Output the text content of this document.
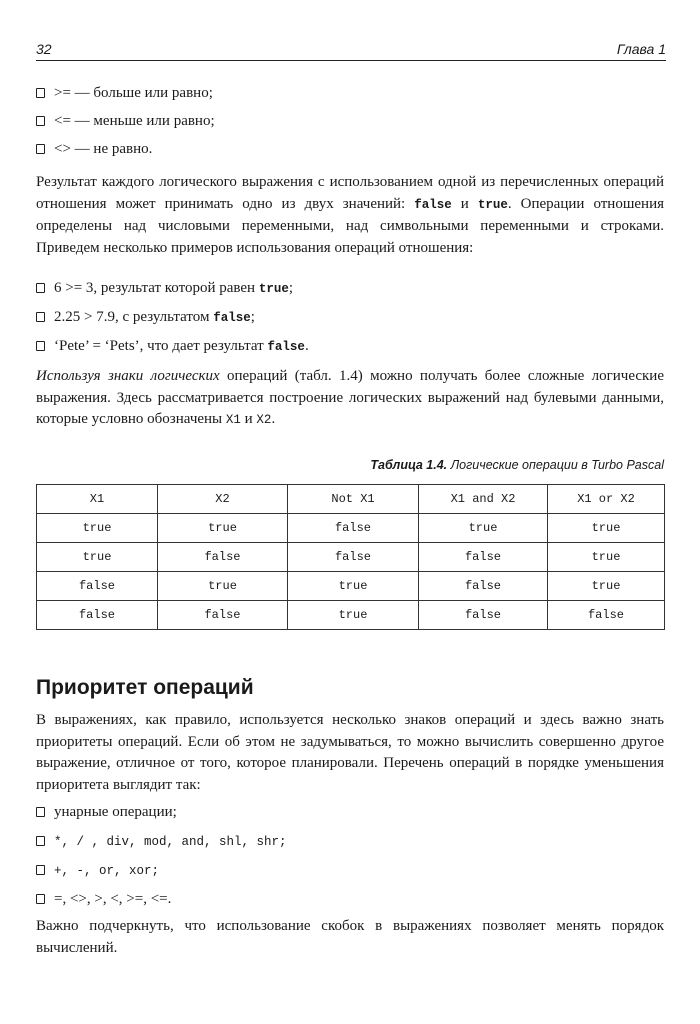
32	Глава 1
>= — больше или равно;
<= — меньше или равно;
<> — не равно.
Результат каждого логического выражения с использованием одной из перечисленных операций отношения может принимать одно из двух значений: false и true. Операции отношения определены над числовыми переменными, над символьными переменными и строками. Приведем несколько примеров использования операций отношения:
6 >= 3, результат которой равен true;
2.25 > 7.9, с результатом false;
‘Pete’ = ‘Pets’, что дает результат false.
Используя знаки логических операций (табл. 1.4) можно получать более сложные логические выражения. Здесь рассматривается построение логических выражений над булевыми данными, которые условно обозначены X1 и X2.
Таблица 1.4. Логические операции в Turbo Pascal
X1	X2	Not X1	X1 and X2	X1 or X2
true	true	false	true	true
true	false	false	false	true
false	true	true	false	true
false	false	true	false	false
Приоритет операций
В выражениях, как правило, используется несколько знаков операций и здесь важно знать приоритеты операций. Если об этом не задумываться, то можно вычислить совершенно другое выражение, отличное от того, которое планировали. Перечень операций в порядке уменьшения приоритета выглядит так:
унарные операции;
*, / , div, mod, and, shl, shr;
+, -, or, xor;
=, <>, >, <, >=, <=.
Важно подчеркнуть, что использование скобок в выражениях позволяет менять порядок вычислений.
